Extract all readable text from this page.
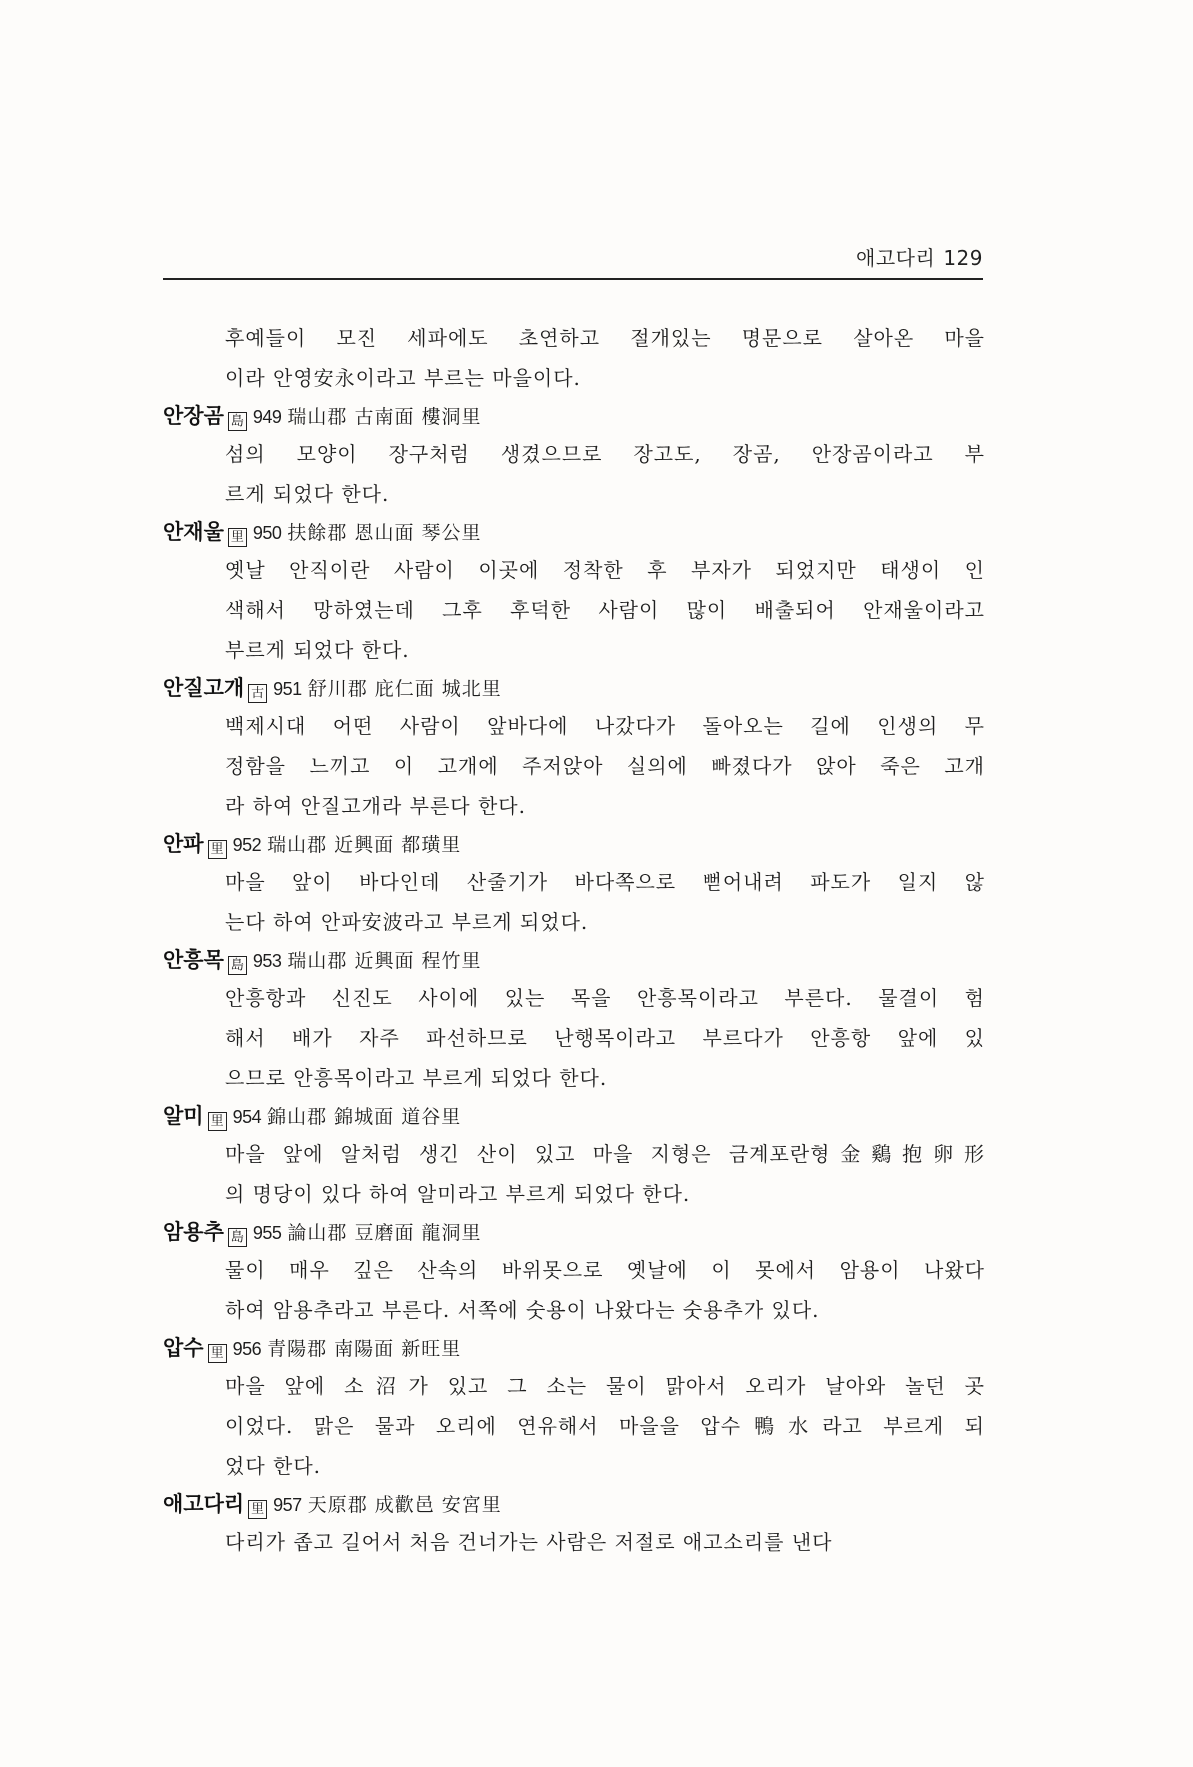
애고다리 129
후예들이 모진 세파에도 초연하고 절개있는 명문으로 살아온 마을
이라 안영安永이라고 부르는 마을이다.
안장곰 島 949 瑞山郡 古南面 樓洞里
섬의 모양이 장구처럼 생겼으므로 장고도, 장곰, 안장곰이라고 부
르게 되었다 한다.
안재울 里 950 扶餘郡 恩山面 琴公里
옛날 안직이란 사람이 이곳에 정착한 후 부자가 되었지만 태생이 인
색해서 망하였는데 그후 후덕한 사람이 많이 배출되어 안재울이라고
부르게 되었다 한다.
안질고개 古 951 舒川郡 庇仁面 城北里
백제시대 어떤 사람이 앞바다에 나갔다가 돌아오는 길에 인생의 무
정함을 느끼고 이 고개에 주저앉아 실의에 빠졌다가 앉아 죽은 고개
라 하여 안질고개라 부른다 한다.
안파 里 952 瑞山郡 近興面 都璜里
마을 앞이 바다인데 산줄기가 바다쪽으로 뻗어내려 파도가 일지 않
는다 하여 안파安波라고 부르게 되었다.
안흥목 島 953 瑞山郡 近興面 程竹里
안흥항과 신진도 사이에 있는 목을 안흥목이라고 부른다. 물결이 험
해서 배가 자주 파선하므로 난행목이라고 부르다가 안흥항 앞에 있
으므로 안흥목이라고 부르게 되었다 한다.
알미 里 954 錦山郡 錦城面 道谷里
마을 앞에 알처럼 생긴 산이 있고 마을 지형은 금계포란형金鷄抱卵形
의 명당이 있다 하여 알미라고 부르게 되었다 한다.
암용추 島 955 論山郡 豆磨面 龍洞里
물이 매우 깊은 산속의 바위못으로 옛날에 이 못에서 암용이 나왔다
하여 암용추라고 부른다. 서쪽에 숫용이 나왔다는 숫용추가 있다.
압수 里 956 青陽郡 南陽面 新旺里
마을 앞에 소沼가 있고 그 소는 물이 맑아서 오리가 날아와 놀던 곳
이었다. 맑은 물과 오리에 연유해서 마을을 압수鴨水라고 부르게 되
었다 한다.
애고다리 里 957 天原郡 成歡邑 安宮里
다리가 좁고 길어서 처음 건너가는 사람은 저절로 애고소리를 낸다
